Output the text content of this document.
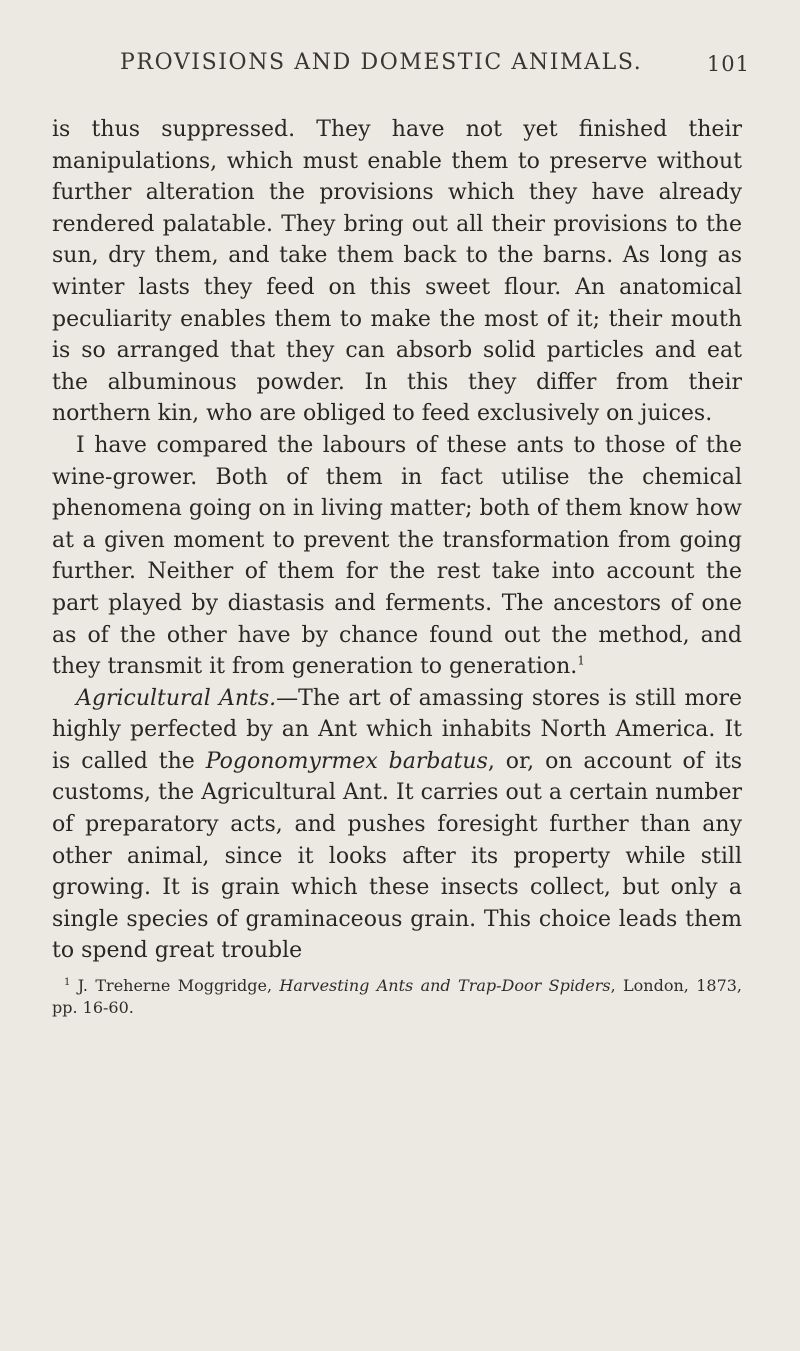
PROVISIONS AND DOMESTIC ANIMALS.	101

is thus suppressed. They have not yet finished their manipulations, which must enable them to preserve without further alteration the provisions which they have already rendered palatable. They bring out all their provisions to the sun, dry them, and take them back to the barns. As long as winter lasts they feed on this sweet flour. An anatomical peculiarity enables them to make the most of it; their mouth is so arranged that they can absorb solid particles and eat the albuminous powder. In this they differ from their northern kin, who are obliged to feed exclusively on juices.

I have compared the labours of these ants to those of the wine-grower. Both of them in fact utilise the chemical phenomena going on in living matter; both of them know how at a given moment to prevent the transformation from going further. Neither of them for the rest take into account the part played by diastasis and ferments. The ancestors of one as of the other have by chance found out the method, and they transmit it from generation to generation.$^1$

Agricultural Ants.—The art of amassing stores is still more highly perfected by an Ant which inhabits North America. It is called the Pogonomyrmex barbatus, or, on account of its customs, the Agricultural Ant. It carries out a certain number of preparatory acts, and pushes foresight further than any other animal, since it looks after its property while still growing. It is grain which these insects collect, but only a single species of graminaceous grain. This choice leads them to spend great trouble

$^1$ J. Treherne Moggridge, Harvesting Ants and Trap-Door Spiders, London, 1873, pp. 16-60.
